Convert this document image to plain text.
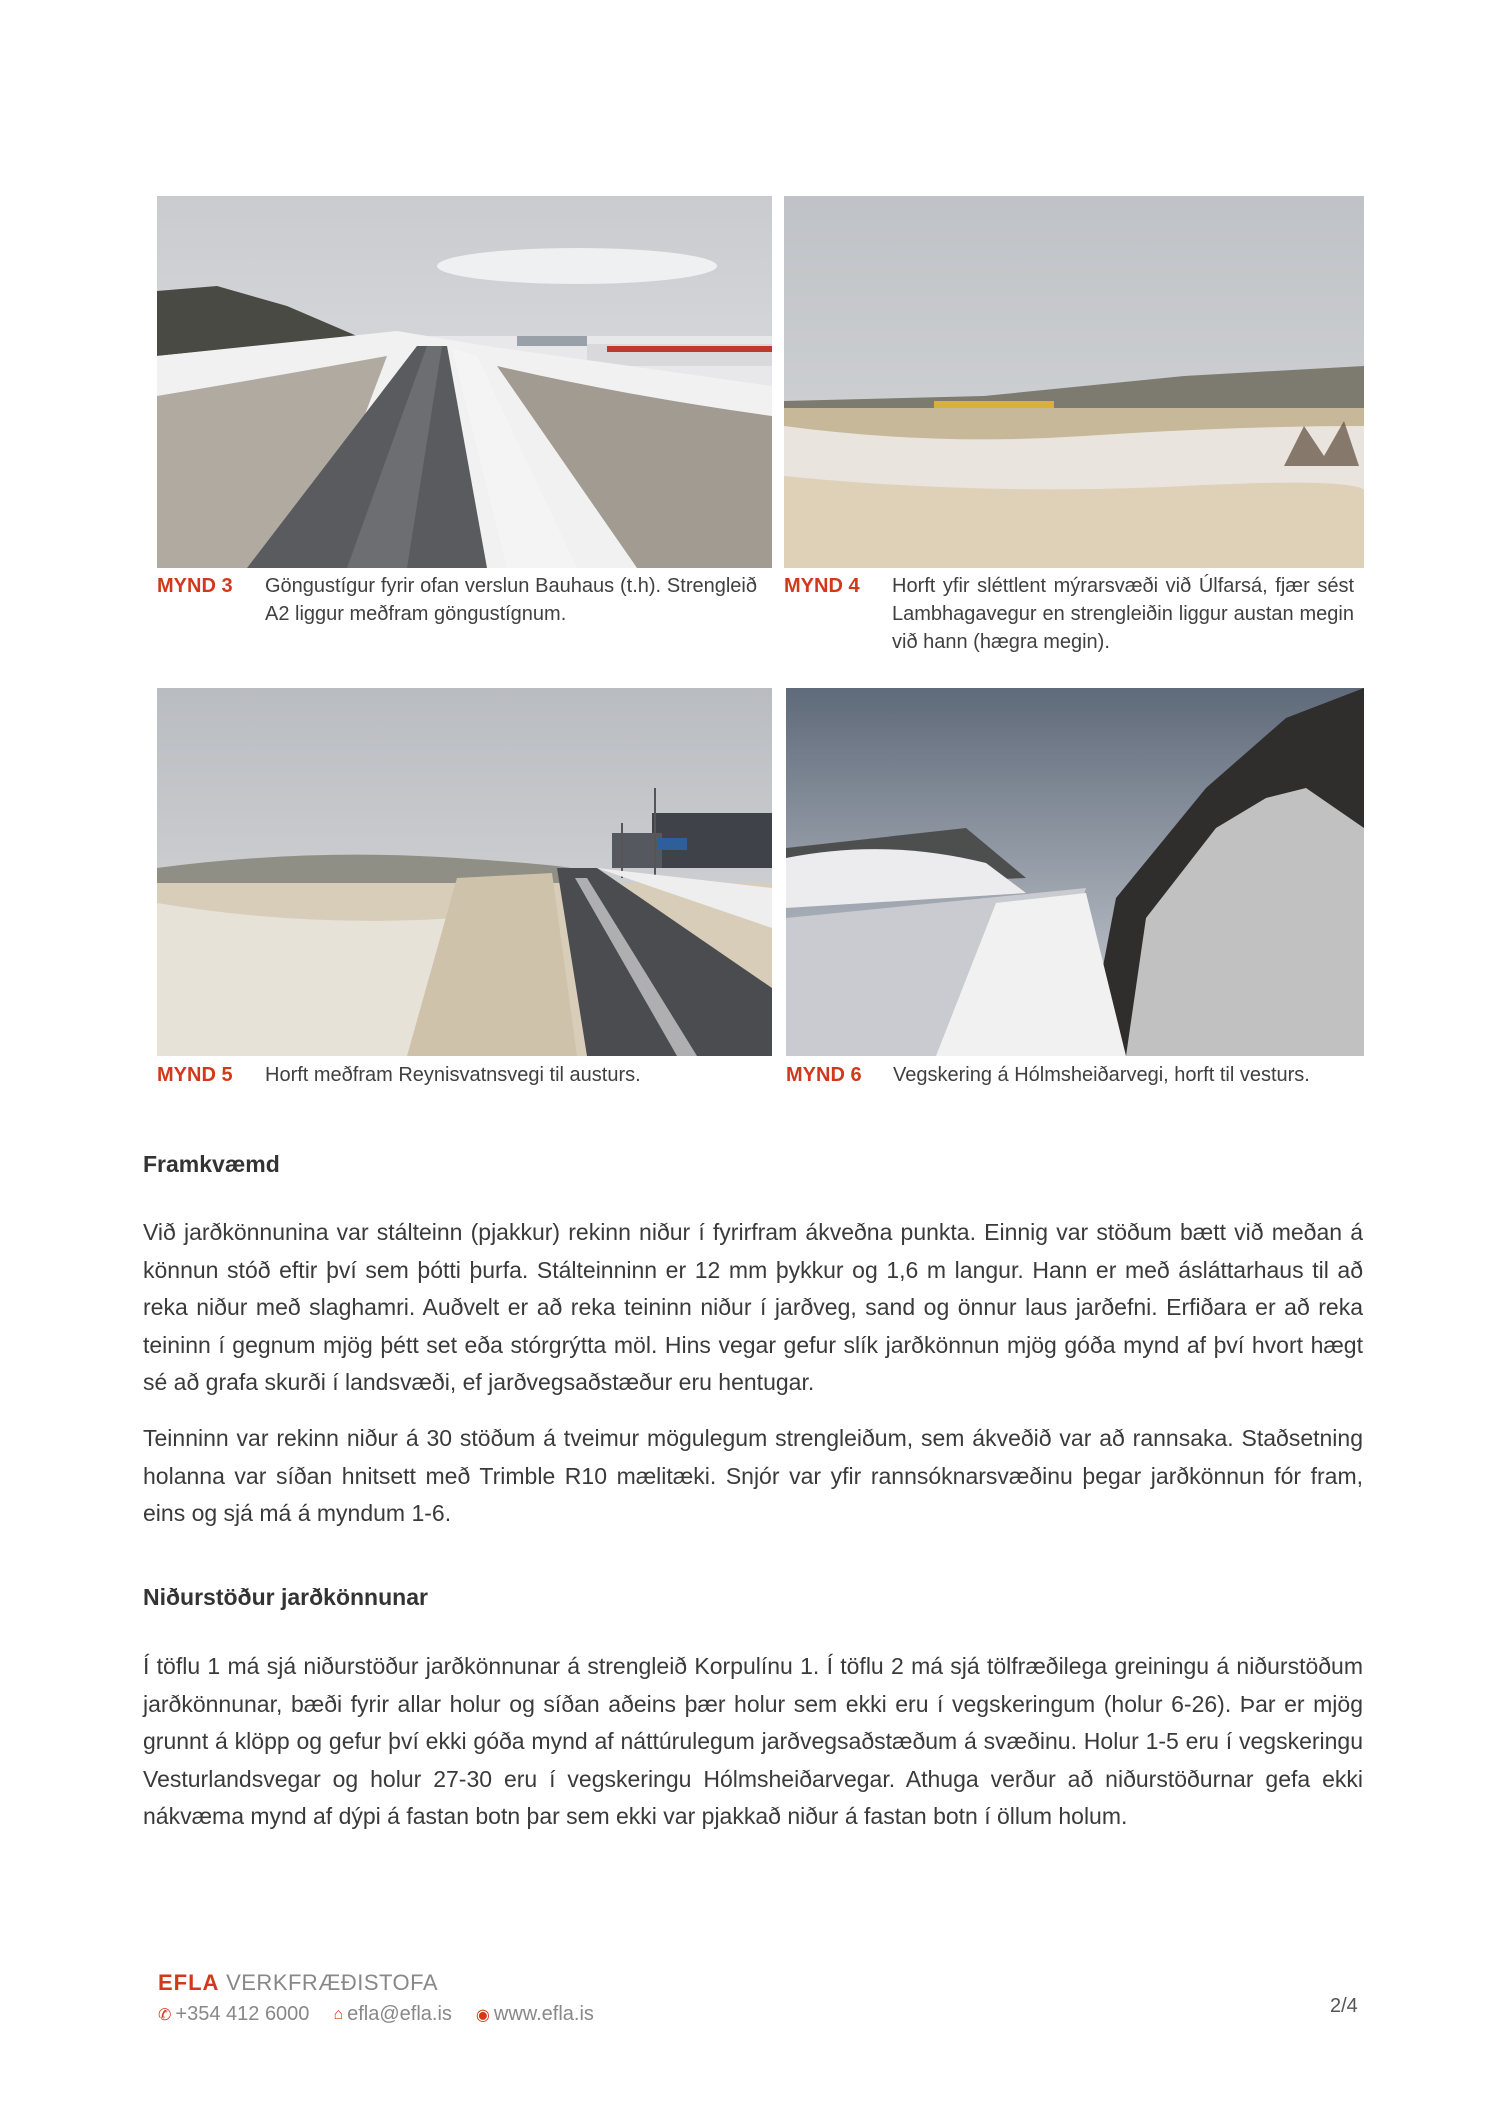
MYND 3 Göngustígur fyrir ofan verslun Bauhaus (t.h). Strengleið A2 liggur meðfram göngustígnum.
MYND 4 Horft yfir sléttlent mýrarsvæði við Úlfarsá, fjær sést Lambhagavegur en strengleiðin liggur austan megin við hann (hægra megin).
MYND 5 Horft meðfram Reynisvatnsvegi til austurs.	MYND 6 Vegskering á Hólmsheiðarvegi, horft til vesturs.
Framkvæmd
Við jarðkönnunina var stálteinn (pjakkur) rekinn niður í fyrirfram ákveðna punkta. Einnig var stöðum bætt við meðan á könnun stóð eftir því sem þótti þurfa. Stálteinninn er 12 mm þykkur og 1,6 m langur. Hann er með ásláttarhaus til að reka niður með slaghamri. Auðvelt er að reka teininn niður í jarðveg, sand og önnur laus jarðefni. Erfiðara er að reka teininn í gegnum mjög þétt set eða stórgrýtta möl. Hins vegar gefur slík jarðkönnun mjög góða mynd af því hvort hægt sé að grafa skurði í landsvæði, ef jarðvegsaðstæður eru hentugar.
Teinninn var rekinn niður á 30 stöðum á tveimur mögulegum strengleiðum, sem ákveðið var að rannsaka. Staðsetning holanna var síðan hnitsett með Trimble R10 mælitæki. Snjór var yfir rannsóknarsvæðinu þegar jarðkönnun fór fram, eins og sjá má á myndum 1-6.
Niðurstöður jarðkönnunar
Í töflu 1 má sjá niðurstöður jarðkönnunar á strengleið Korpulínu 1. Í töflu 2 má sjá tölfræðilega greiningu á niðurstöðum jarðkönnunar, bæði fyrir allar holur og síðan aðeins þær holur sem ekki eru í vegskeringum (holur 6-26). Þar er mjög grunnt á klöpp og gefur því ekki góða mynd af náttúrulegum jarðvegsaðstæðum á svæðinu. Holur 1-5 eru í vegskeringu Vesturlandsvegar og holur 27-30 eru í vegskeringu Hólmsheiðarvegar. Athuga verður að niðurstöðurnar gefa ekki nákvæma mynd af dýpi á fastan botn þar sem ekki var pjakkað niður á fastan botn í öllum holum.
EFLA VERKFRÆÐISTOFA
✆ +354 412 6000 ⌂ efla@efla.is ◉ www.efla.is	2/4
